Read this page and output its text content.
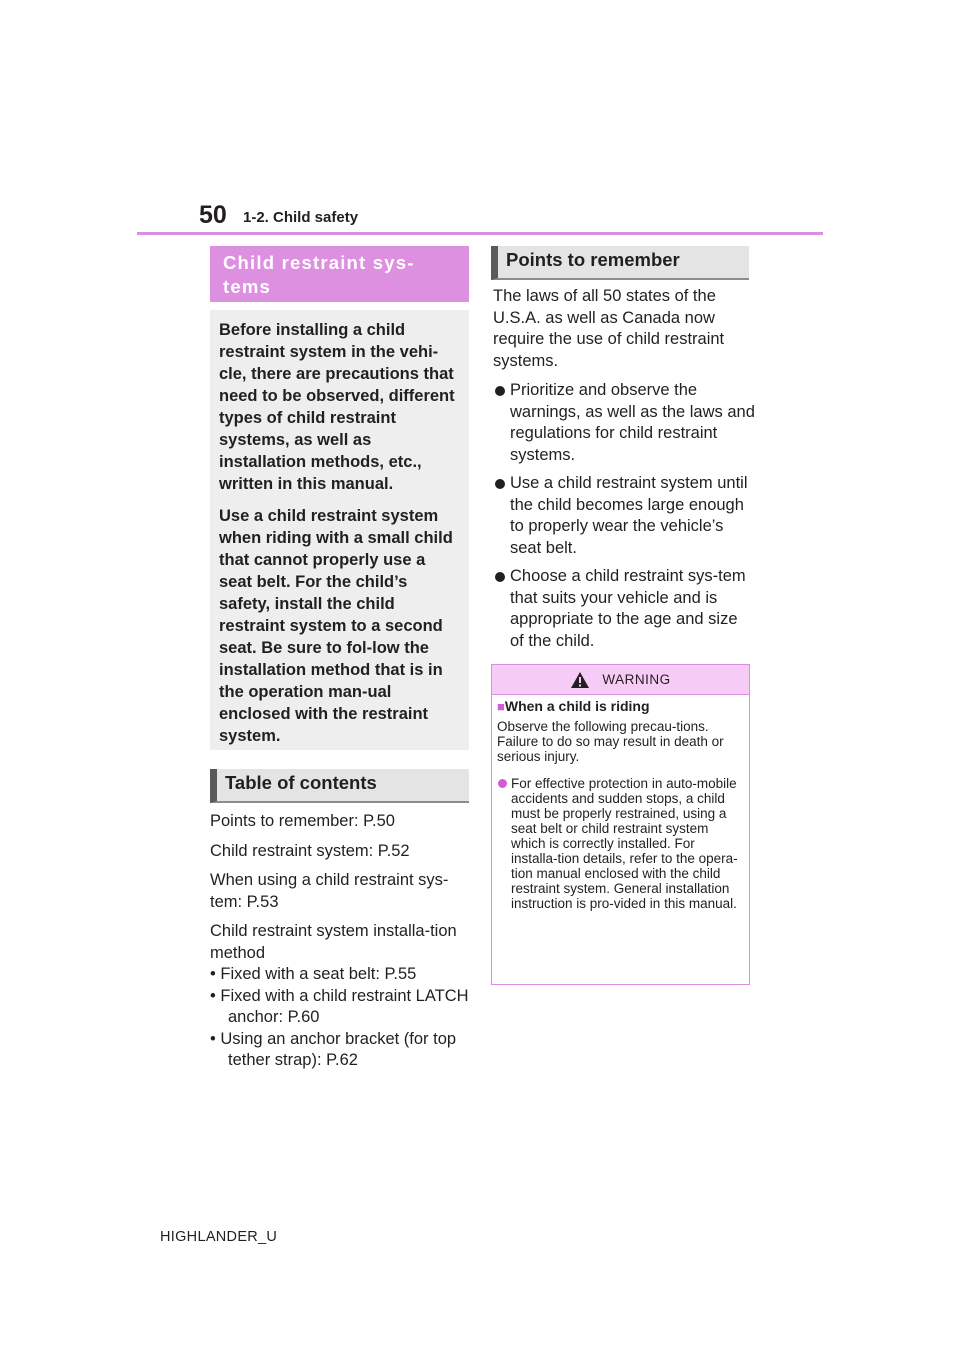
50 1-2. Child safety
Child restraint sys-
tems

Before installing a child restraint system in the vehi-cle, there are precautions that need to be observed, different types of child restraint systems, as well as installation methods, etc., written in this manual.

Use a child restraint system when riding with a small child that cannot properly use a seat belt. For the child’s safety, install the child restraint system to a second seat. Be sure to fol-low the installation method that is in the operation man-ual enclosed with the restraint system.

Table of contents

Points to remember: P.50

Child restraint system: P.52

When using a child restraint sys-tem: P.53

Child restraint system installa-tion method

• Fixed with a seat belt: P.55

• Fixed with a child restraint LATCH anchor: P.60

• Using an anchor bracket (for top tether strap): P.62

Points to remember
The laws of all 50 states of the U.S.A. as well as Canada now require the use of child restraint systems.
Prioritize and observe the warnings, as well as the laws and regulations for child restraint systems.
Use a child restraint system until the child becomes large enough to properly wear the vehicle’s seat belt.
Choose a child restraint sys-tem that suits your vehicle and is appropriate to the age and size of the child.
WARNING
■When a child is riding

Observe the following precau-tions.

Failure to do so may result in death or serious injury.

For effective protection in auto-mobile accidents and sudden stops, a child must be properly restrained, using a seat belt or child restraint system which is correctly installed. For installa-tion details, refer to the opera-tion manual enclosed with the child restraint system. General installation instruction is pro-vided in this manual.
HIGHLANDER_U
